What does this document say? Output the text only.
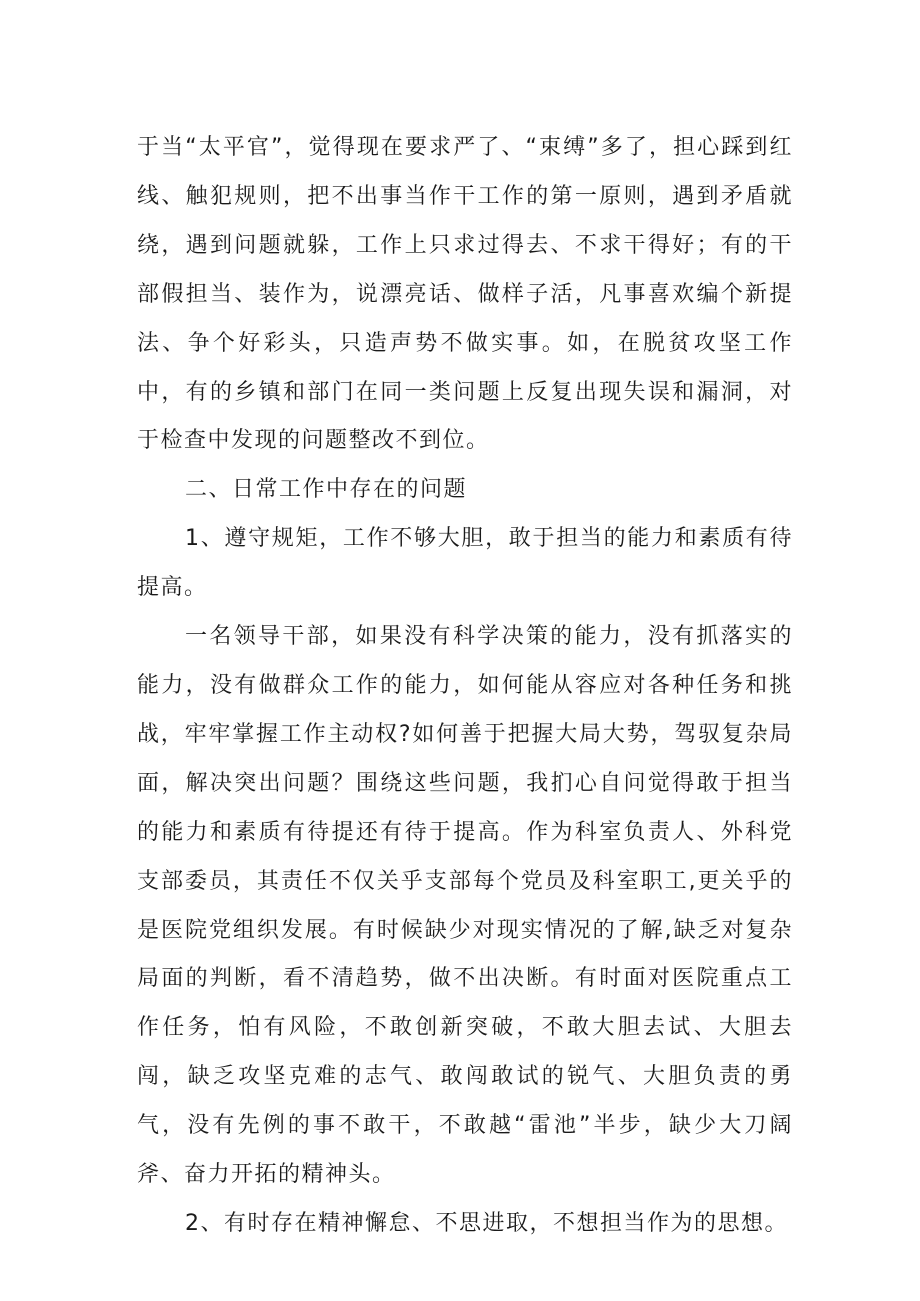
于当“太平官”，觉得现在要求严了、“束缚”多了，担心踩到红线、触犯规则，把不出事当作干工作的第一原则，遇到矛盾就绕，遇到问题就躲，工作上只求过得去、不求干得好；有的干部假担当、装作为，说漂亮话、做样子活，凡事喜欢编个新提法、争个好彩头，只造声势不做实事。如，在脱贫攻坚工作中，有的乡镇和部门在同一类问题上反复出现失误和漏洞，对于检查中发现的问题整改不到位。

二、日常工作中存在的问题

1、遵守规矩，工作不够大胆，敢于担当的能力和素质有待提高。

一名领导干部，如果没有科学决策的能力，没有抓落实的能力，没有做群众工作的能力，如何能从容应对各种任务和挑战，牢牢掌握工作主动权?如何善于把握大局大势，驾驭复杂局面，解决突出问题？围绕这些问题，我扪心自问觉得敢于担当的能力和素质有待提还有待于提高。作为科室负责人、外科党支部委员，其责任不仅关乎支部每个党员及科室职工,更关乎的是医院党组织发展。有时候缺少对现实情况的了解,缺乏对复杂局面的判断，看不清趋势，做不出决断。有时面对医院重点工作任务，怕有风险，不敢创新突破，不敢大胆去试、大胆去闯，缺乏攻坚克难的志气、敢闯敢试的锐气、大胆负责的勇气，没有先例的事不敢干，不敢越“雷池”半步，缺少大刀阔斧、奋力开拓的精神头。

2、有时存在精神懈怠、不思进取，不想担当作为的思想。
